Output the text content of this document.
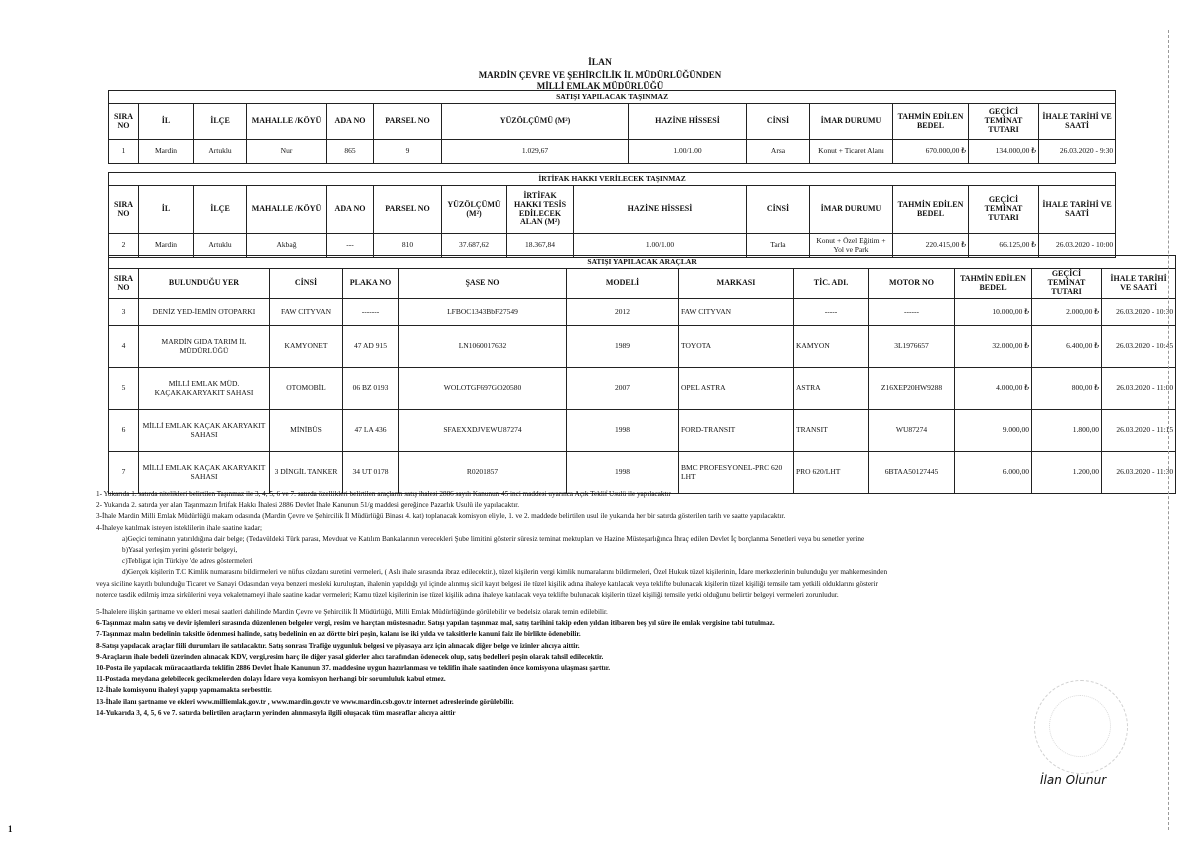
İLAN
MARDİN ÇEVRE VE ŞEHİRCİLİK İL MÜDÜRLÜĞÜNDEN
MİLLİ EMLAK MÜDÜRLÜĞÜ
SATIŞI YAPILACAK TAŞINMAZ												
SIRA NO	İL	İLÇE	MAHALLE /KÖYÜ	ADA NO	PARSEL NO	YÜZÖLÇÜMÜ (M²)	HAZİNE HİSSESİ	CİNSİ	İMAR DURUMU	TAHMİN EDİLEN BEDEL	GEÇİCİ TEMİNAT TUTARI	İHALE TARİHİ VE SAATİ
1	Mardin	Artuklu	Nur	865	9	1.029,67	1.00/1.00	Arsa	Konut + Ticaret Alanı	670.000,00 ₺	134.000,00 ₺	26.03.2020 - 9:30
İRTİFAK HAKKI VERİLECEK TAŞINMAZ													
SIRA NO	İL	İLÇE	MAHALLE /KÖYÜ	ADA NO	PARSEL NO	YÜZÖLÇÜMÜ (M²)	İRTİFAK HAKKI TESİS EDİLECEK ALAN (M²)	HAZİNE HİSSESİ	CİNSİ	İMAR DURUMU	TAHMİN EDİLEN BEDEL	GEÇİCİ TEMİNAT TUTARI	İHALE TARİHİ VE SAATİ
2	Mardin	Artuklu	Akbağ	---	810	37.687,62	18.367,84	1.00/1.00	Tarla	Konut + Özel Eğitim + Yol ve Park	220.415,00 ₺	66.125,00 ₺	26.03.2020 - 10:00
SATIŞI YAPILACAK ARAÇLAR											
SIRA NO	BULUNDUĞU YER	CİNSİ	PLAKA NO	ŞASE NO	MODELİ	MARKASI	TİC. ADI.	MOTOR NO	TAHMİN EDİLEN BEDEL	GEÇİCİ TEMİNAT TUTARI	İHALE TARİHİ VE SAATİ
3	DENİZ YED-İEMİN OTOPARKI	FAW CITYVAN	-------	LFBOC1343BbF27549	2012	FAW CITYVAN	-----	------	10.000,00 ₺	2.000,00 ₺	26.03.2020 - 10:30
4	MARDİN GIDA TARIM İL MÜDÜRLÜĞÜ	KAMYONET	47 AD 915	LN1060017632	1989	TOYOTA	KAMYON	3L1976657	32.000,00 ₺	6.400,00 ₺	26.03.2020 - 10:45
5	MİLLİ EMLAK MÜD. KAÇAKAKARYAKIT SAHASI	OTOMOBİL	06 BZ 0193	WOLOTGF697GO20580	2007	OPEL ASTRA	ASTRA	Z16XEP20HW9288	4.000,00 ₺	800,00 ₺	26.03.2020 - 11:00
6	MİLLİ EMLAK KAÇAK AKARYAKIT SAHASI	MİNİBÜS	47 LA 436	SFAEXXDJVEWU87274	1998	FORD-TRANSIT	TRANSIT	WU87274	9.000,00	1.800,00	26.03.2020 - 11:15
7	MİLLİ EMLAK KAÇAK AKARYAKIT SAHASI	3 DİNGİL TANKER	34 UT 0178	R0201857	1998	BMC PROFESYONEL-PRC 620 LHT	PRO 620/LHT	6BTAA50127445	6.000,00	1.200,00	26.03.2020 - 11:30

1- Yukarıda 1. satırda nitelikleri belirtilen Taşınmaz ile 3, 4, 5, 6 ve 7. satırda özellikleri belirtilen araçların satış ihalesi 2886 sayılı Kanunun 45 inci maddesi uyarınca Açık Teklif Usulü ile yapılacaktır

2- Yukarıda 2. satırda yer alan Taşınmazın İrtifak Hakkı İhalesi 2886 Devlet İhale Kanunun 51/g maddesi gereğince Pazarlık Usulü ile yapılacaktır.

3-İhale Mardin Milli Emlak Müdürlüğü makam odasında (Mardin Çevre ve Şehircilik İl Müdürlüğü Binası 4. kat) toplanacak komisyon eliyle, 1. ve 2. maddede belirtilen usul ile yukarıda her bir satırda gösterilen tarih ve saatte yapılacaktır.

4-İhaleye katılmak isteyen isteklilerin ihale saatine kadar;

a)Geçici teminatın yatırıldığına dair belge; (Tedavüldeki Türk parası, Mevduat ve Katılım Bankalarının verecekleri Şube limitini gösterir süresiz teminat mektupları ve Hazine Müsteşarlığınca İhraç edilen Devlet İç borçlanma Senetleri veya bu senetler yerine

b)Yasal yerleşim yerini gösterir belgeyi,

c)Tebligat için Türkiye 'de adres göstermeleri

d)Gerçek kişilerin T.C Kimlik numarasını bildirmeleri ve nüfus cüzdanı suretini vermeleri, ( Aslı ihale sırasında ibraz edilecektir.), tüzel kişilerin vergi kimlik numaralarını bildirmeleri, Özel Hukuk tüzel kişilerinin, İdare merkezlerinin bulunduğu yer mahkemesinden

veya siciline kayıtlı bulunduğu Ticaret ve Sanayi Odasından veya benzeri mesleki kuruluştan, ihalenin yapıldığı yıl içinde alınmış sicil kayıt belgesi ile tüzel kişilik adına ihaleye katılacak veya teklifte bulunacak kişilerin tüzel kişiliği temsile tam yetkili olduklarını gösterir

noterce tasdik edilmiş imza sirkülerini veya vekaletnameyi ihale saatine kadar vermeleri; Kamu tüzel kişilerinin ise tüzel kişilik adına ihaleye katılacak veya teklifte bulunacak kişilerin tüzel kişiliği temsile yetki olduğunu belirtir belgeyi vermeleri zorunludur.

5-İhalelere ilişkin şartname ve ekleri mesai saatleri dahilinde Mardin Çevre ve Şehircilik İl Müdürlüğü, Milli Emlak Müdürlüğünde görülebilir ve bedelsiz olarak temin edilebilir.

6-Taşınmaz malın satış ve devir işlemleri sırasında düzenlenen belgeler vergi, resim ve harçtan müstesnadır. Satışı yapılan taşınmaz mal, satış tarihini takip eden yıldan itibaren beş yıl süre ile emlak vergisine tabi tutulmaz.

7-Taşınmaz malın bedelinin taksitle ödenmesi halinde, satış bedelinin en az dörtte biri peşin, kalanı ise iki yılda ve taksitlerle kanuni faiz ile birlikte ödenebilir.

8-Satışı yapılacak araçlar fiili durumları ile satılacaktır. Satış sonrası Trafiğe uygunluk belgesi ve piyasaya arz için alınacak diğer belge ve izinler alıcıya aittir.

9-Araçların ihale bedeli üzerinden alınacak KDV, vergi,resim harç ile diğer yasal giderler alıcı tarafından ödenecek olup, satış bedelleri peşin olarak tahsil edilecektir.

10-Posta ile yapılacak müracaatlarda teklifin 2886 Devlet İhale Kanunun 37. maddesine uygun hazırlanması ve teklifin ihale saatinden önce komisyona ulaşması şarttır.

11-Postada meydana gelebilecek gecikmelerden dolayı İdare veya komisyon herhangi bir sorumluluk kabul etmez.

12-İhale komisyonu ihaleyi yapıp yapmamakta serbesttir.

13-İhale ilanı şartname ve ekleri www.milliemlak.gov.tr , www.mardin.gov.tr ve www.mardin.csb.gov.tr internet adreslerinde görülebilir.

14-Yukarıda 3, 4, 5, 6 ve 7. satırda belirtilen araçların yerinden alınmasıyla ilgili oluşacak tüm masraflar alıcıya aittir

İlan Olunur
1
